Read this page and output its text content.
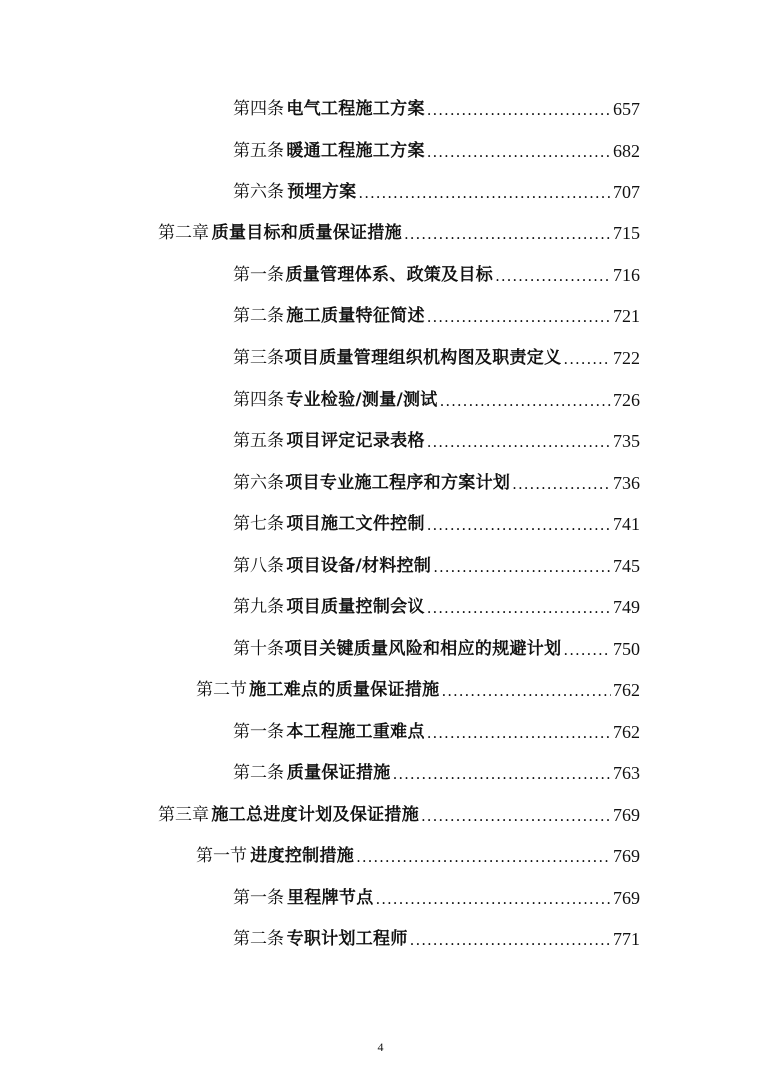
第四条 电气工程施工方案 .....	657
第五条 暖通工程施工方案 .....	682
第六条 预埋方案 .....	707
第二章 质量目标和质量保证措施 .....	715
第一条 质量管理体系、政策及目标 .....	716
第二条 施工质量特征简述 .....	721
第三条 项目质量管理组织机构图及职责定义 .....	722
第四条 专业检验/测量/测试 .....	726
第五条 项目评定记录表格 .....	735
第六条 项目专业施工程序和方案计划 .....	736
第七条 项目施工文件控制 .....	741
第八条 项目设备/材料控制 .....	745
第九条 项目质量控制会议 .....	749
第十条 项目关键质量风险和相应的规避计划 .....	750
第二节 施工难点的质量保证措施 .....	762
第一条 本工程施工重难点 .....	762
第二条 质量保证措施 .....	763
第三章 施工总进度计划及保证措施 .....	769
第一节 进度控制措施 .....	769
第一条 里程牌节点 .....	769
第二条 专职计划工程师 .....	771
4
